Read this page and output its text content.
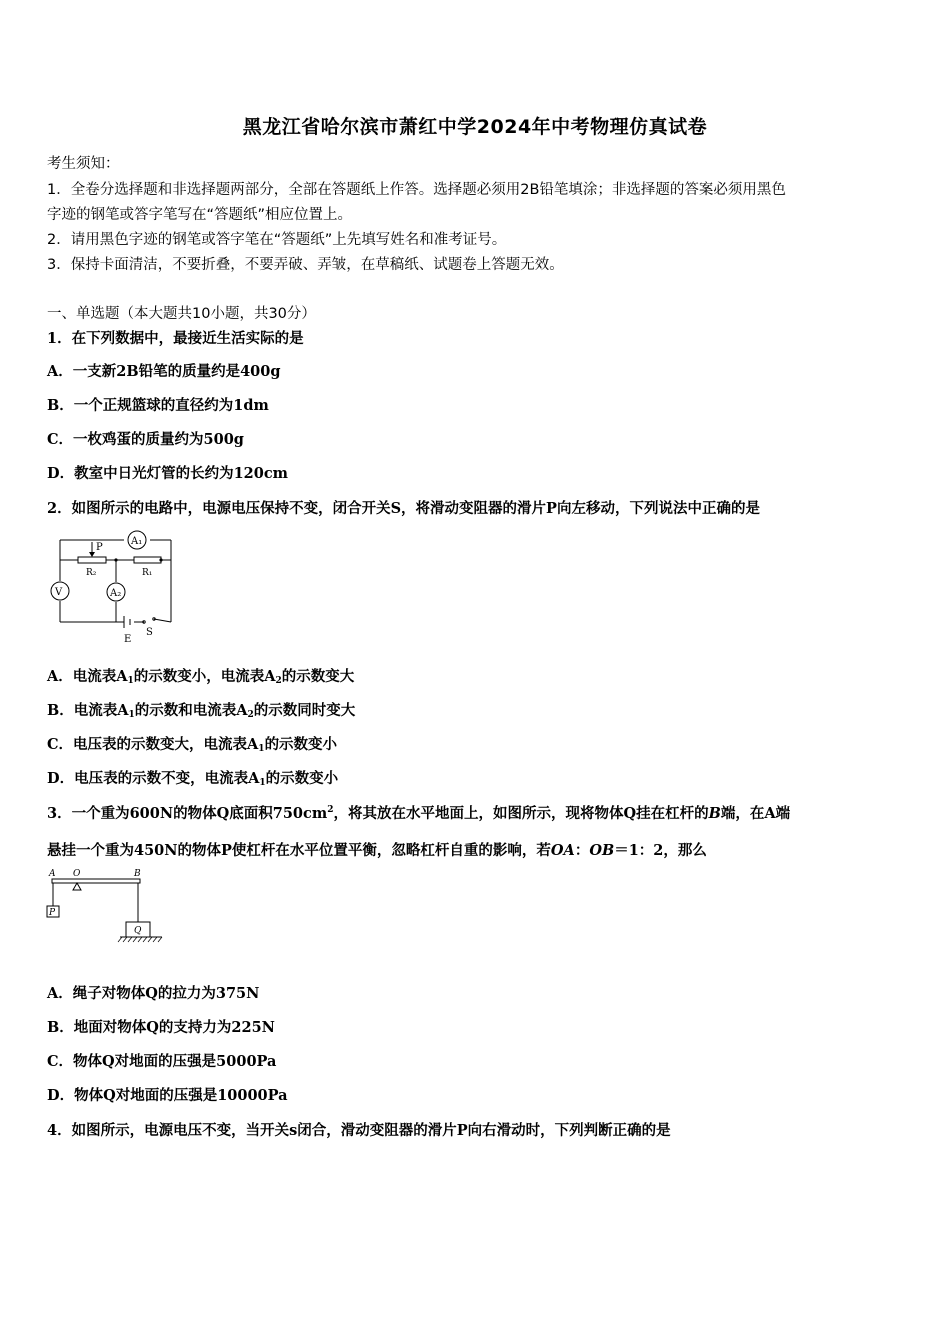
黑龙江省哈尔滨市萧红中学2024年中考物理仿真试卷
考生须知：
1．全卷分选择题和非选择题两部分，全部在答题纸上作答。选择题必须用2B铅笔填涂；非选择题的答案必须用黑色
字迹的钢笔或答字笔写在“答题纸”相应位置上。
2．请用黑色字迹的钢笔或答字笔在“答题纸”上先填写姓名和准考证号。
3．保持卡面清洁，不要折叠，不要弄破、弄皱，在草稿纸、试题卷上答题无效。
一、单选题（本大题共10小题，共30分）
1．在下列数据中，最接近生活实际的是
A．一支新2B铅笔的质量约是400g
B．一个正规篮球的直径约为1dm
C．一枚鸡蛋的质量约为500g
D．教室中日光灯管的长约为120cm
2．如图所示的电路中，电源电压保持不变，闭合开关S，将滑动变阻器的滑片P向左移动，下列说法中正确的是
P
R₂	R₁
A₁
A₂
V
E
S
A．电流表$A_1$的示数变小，电流表$A_2$的示数变大
B．电流表$A_1$的示数和电流表$A_2$的示数同时变大
C．电压表的示数变大，电流表$A_1$的示数变小
D．电压表的示数不变，电流表$A_1$的示数变小
3．一个重为600N的物体Q底面积$750cm^2$，将其放在水平地面上，如图所示，现将物体Q挂在杠杆的B端，在A端
悬挂一个重为450N的物体P使杠杆在水平位置平衡，忽略杠杆自重的影响，若OA：OB＝1：2，那么
A O	B
P
Q
A．绳子对物体Q的拉力为375N
B．地面对物体Q的支持力为225N
C．物体Q对地面的压强是5000Pa
D．物体Q对地面的压强是10000Pa
4．如图所示，电源电压不变，当开关s闭合，滑动变阻器的滑片P向右滑动时，下列判断正确的是
